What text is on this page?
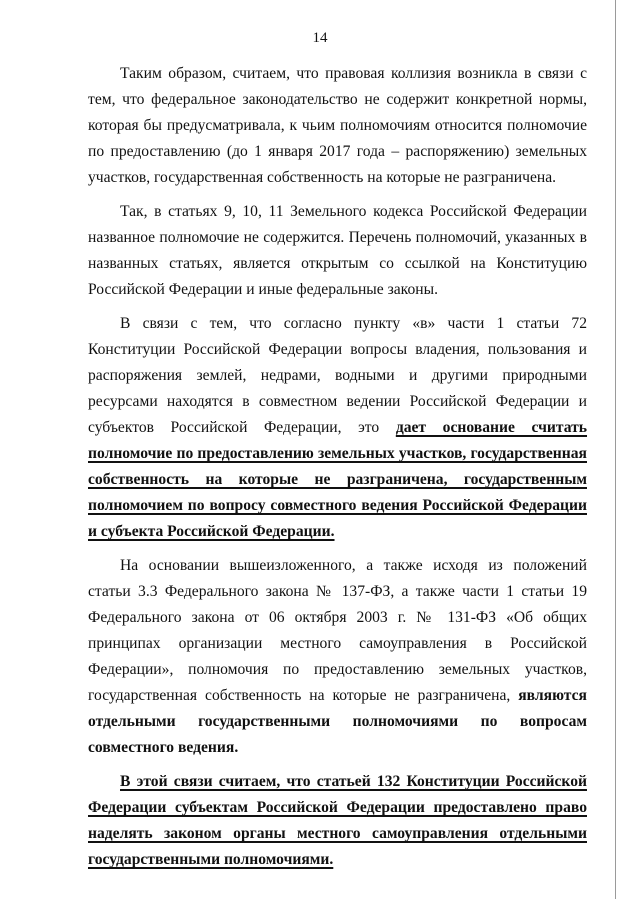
14

Таким образом, считаем, что правовая коллизия возникла в связи с тем, что федеральное законодательство не содержит конкретной нормы, которая бы предусматривала, к чьим полномочиям относится полномочие по предоставлению (до 1 января 2017 года – распоряжению) земельных участков, государственная собственность на которые не разграничена.

Так, в статьях 9, 10, 11 Земельного кодекса Российской Федерации названное полномочие не содержится. Перечень полномочий, указанных в названных статьях, является открытым со ссылкой на Конституцию Российской Федерации и иные федеральные законы.

В связи с тем, что согласно пункту «в» части 1 статьи 72 Конституции Российской Федерации вопросы владения, пользования и распоряжения землей, недрами, водными и другими природными ресурсами находятся в совместном ведении Российской Федерации и субъектов Российской Федерации, это дает основание считать полномочие по предоставлению земельных участков, государственная собственность на которые не разграничена, государственным полномочием по вопросу совместного ведения Российской Федерации и субъекта Российской Федерации.

На основании вышеизложенного, а также исходя из положений статьи 3.3 Федерального закона № 137-ФЗ, а также части 1 статьи 19 Федерального закона от 06 октября 2003 г. № 131-ФЗ «Об общих принципах организации местного самоуправления в Российской Федерации», полномочия по предоставлению земельных участков, государственная собственность на которые не разграничена, являются отдельными государственными полномочиями по вопросам совместного ведения.

В этой связи считаем, что статьей 132 Конституции Российской Федерации субъектам Российской Федерации предоставлено право наделять законом органы местного самоуправления отдельными государственными полномочиями.
